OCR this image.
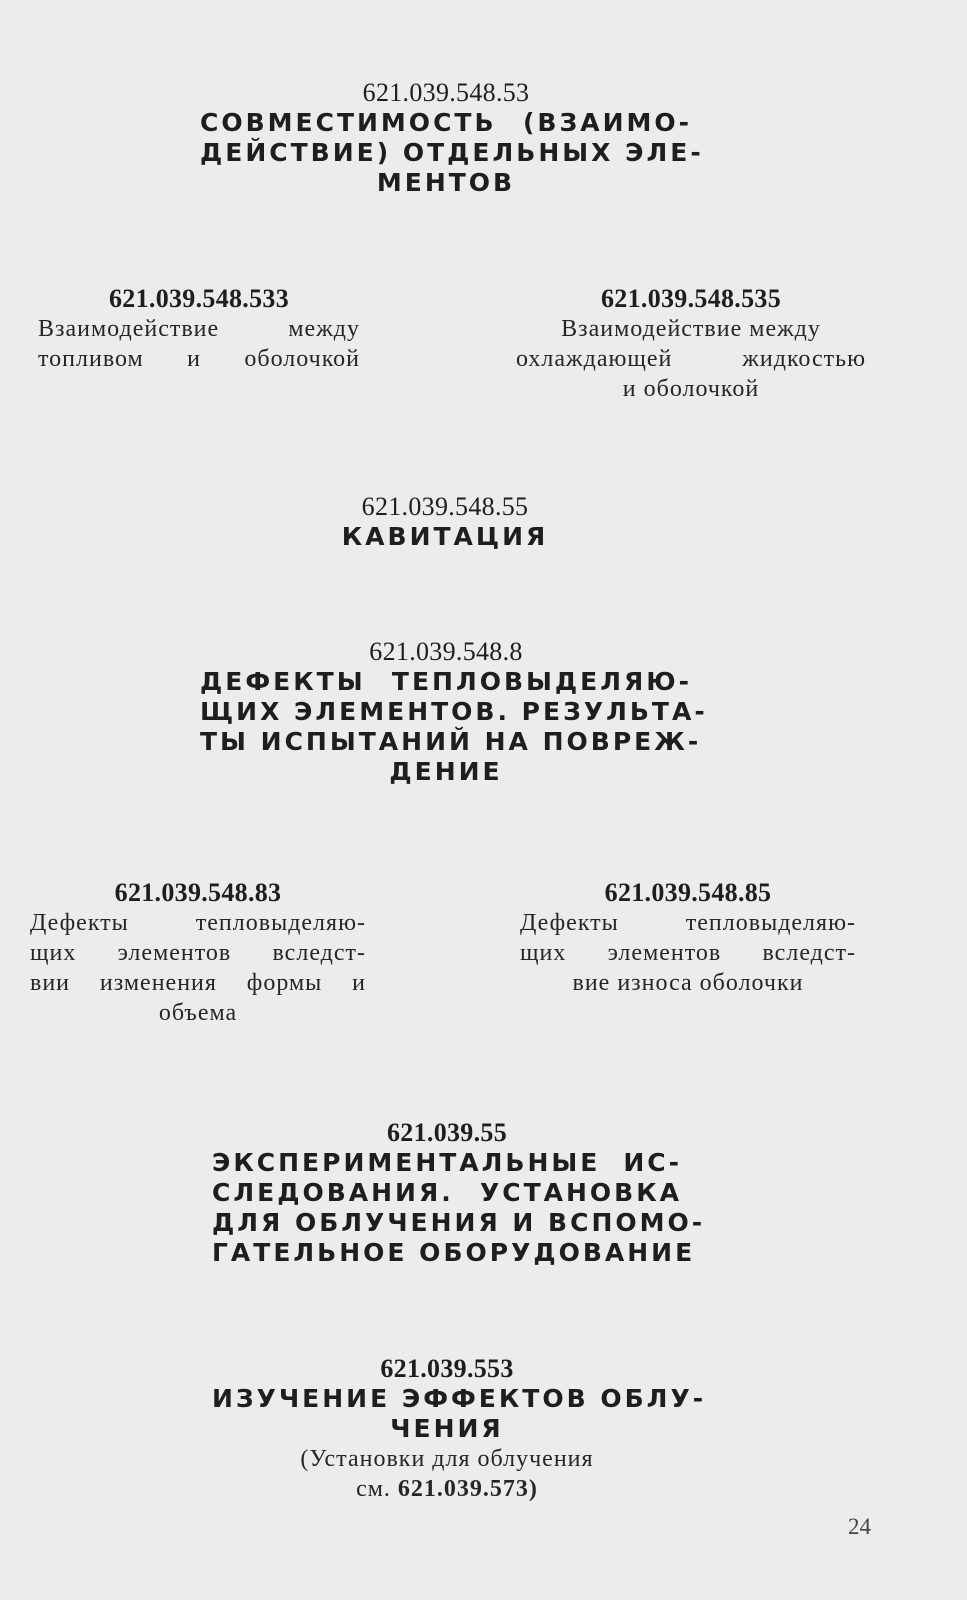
621.039.548.53
СОВМЕСТИМОСТЬ (ВЗАИМО-
ДЕЙСТВИЕ) ОТДЕЛЬНЫХ ЭЛЕ-
МЕНТОВ
621.039.548.533
Взаимодействие между
топливом и оболочкой
621.039.548.535
Взаимодействие между
охлаждающей жидкостью
и оболочкой
621.039.548.55
КАВИТАЦИЯ
621.039.548.8
ДЕФЕКТЫ ТЕПЛОВЫДЕЛЯЮ-
ЩИХ ЭЛЕМЕНТОВ. РЕЗУЛЬТА-
ТЫ ИСПЫТАНИЙ НА ПОВРЕЖ-
ДЕНИЕ
621.039.548.83
Дефекты тепловыделяю-
щих элементов вследст-
вии изменения формы и
объема
621.039.548.85
Дефекты тепловыделяю-
щих элементов вследст-
вие износа оболочки
621.039.55
ЭКСПЕРИМЕНТАЛЬНЫЕ ИС-
СЛЕДОВАНИЯ. УСТАНОВКА
ДЛЯ ОБЛУЧЕНИЯ И ВСПОМО-
ГАТЕЛЬНОЕ ОБОРУДОВАНИЕ
621.039.553
ИЗУЧЕНИЕ ЭФФЕКТОВ ОБЛУ-
ЧЕНИЯ
(Установки для облучения
см. 621.039.573)
24
